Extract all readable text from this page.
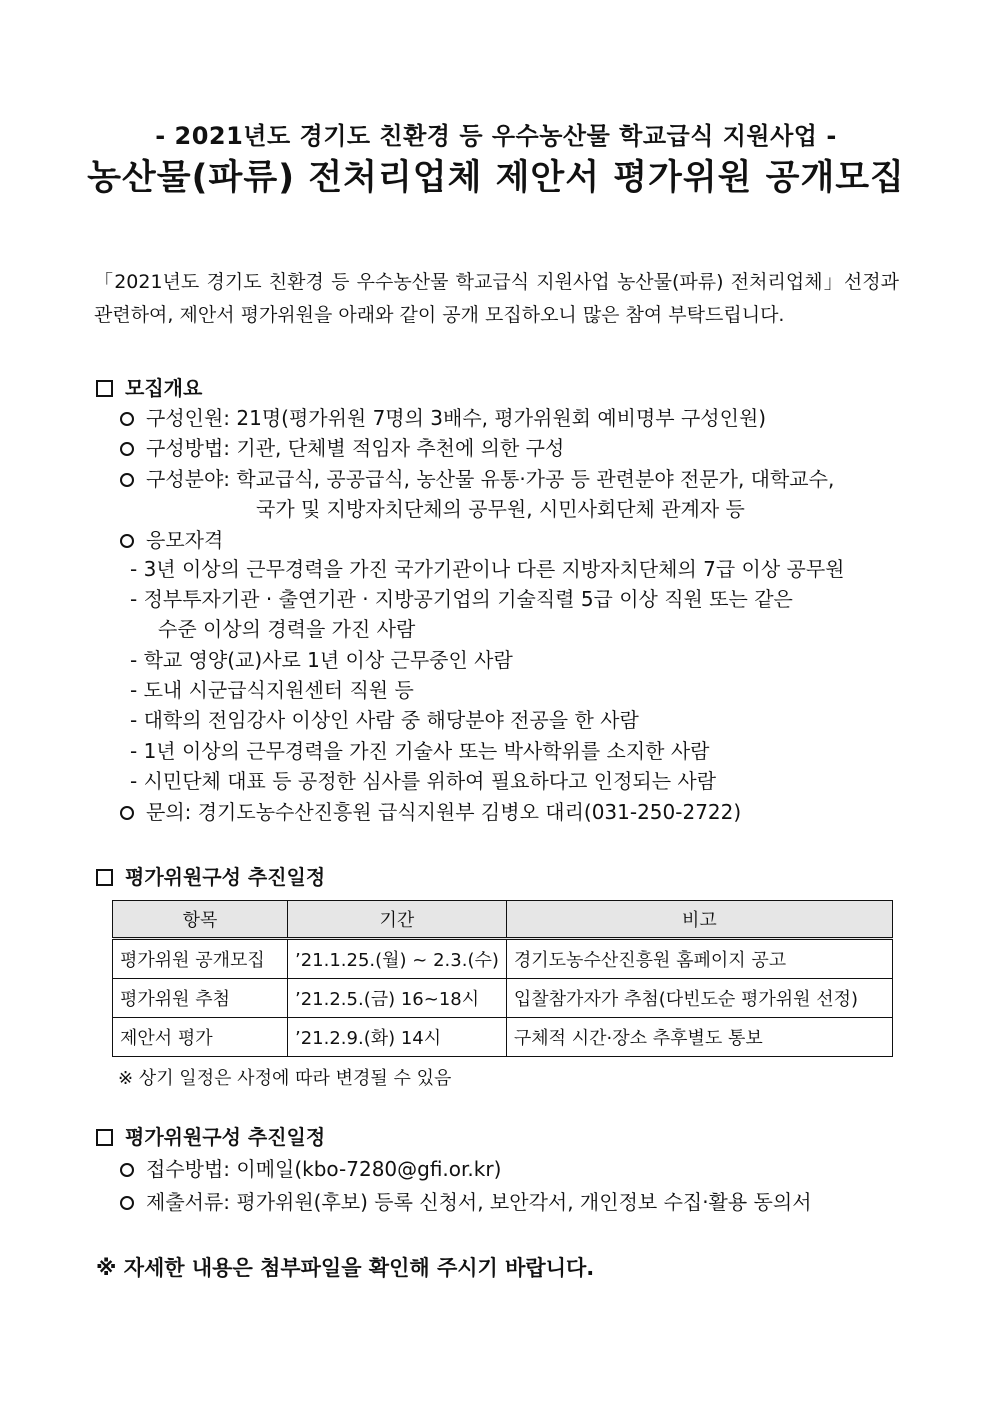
- 2021년도 경기도 친환경 등 우수농산물 학교급식 지원사업 -
농산물(파류) 전처리업체 제안서 평가위원 공개모집
「2021년도 경기도 친환경 등 우수농산물 학교급식 지원사업 농산물(파류) 전처리업체」선정과 관련하여, 제안서 평가위원을 아래와 같이 공개 모집하오니 많은 참여 부탁드립니다.
모집개요
구성인원: 21명(평가위원 7명의 3배수, 평가위원회 예비명부 구성인원)
구성방법: 기관, 단체별 적임자 추천에 의한 구성
구성분야: 학교급식, 공공급식, 농산물 유통·가공 등 관련분야 전문가, 대학교수,
국가 및 지방자치단체의 공무원, 시민사회단체 관계자 등
응모자격
- 3년 이상의 근무경력을 가진 국가기관이나 다른 지방자치단체의 7급 이상 공무원
- 정부투자기관 · 출연기관 · 지방공기업의 기술직렬 5급 이상 직원 또는 같은
수준 이상의 경력을 가진 사람
- 학교 영양(교)사로 1년 이상 근무중인 사람
- 도내 시군급식지원센터 직원 등
- 대학의 전임강사 이상인 사람 중 해당분야 전공을 한 사람
- 1년 이상의 근무경력을 가진 기술사 또는 박사학위를 소지한 사람
- 시민단체 대표 등 공정한 심사를 위하여 필요하다고 인정되는 사람
문의: 경기도농수산진흥원 급식지원부 김병오 대리(031-250-2722)
평가위원구성 추진일정
항목	기간	비고
평가위원 공개모집	’21.1.25.(월) ~ 2.3.(수)	경기도농수산진흥원 홈페이지 공고
평가위원 추첨	’21.2.5.(금) 16~18시	입찰참가자가 추첨(다빈도순 평가위원 선정)
제안서 평가	’21.2.9.(화) 14시	구체적 시간·장소 추후별도 통보
※ 상기 일정은 사정에 따라 변경될 수 있음
평가위원구성 추진일정
접수방법: 이메일(kbo-7280@gfi.or.kr)
제출서류: 평가위원(후보) 등록 신청서, 보안각서, 개인정보 수집·활용 동의서
※ 자세한 내용은 첨부파일을 확인해 주시기 바랍니다.
